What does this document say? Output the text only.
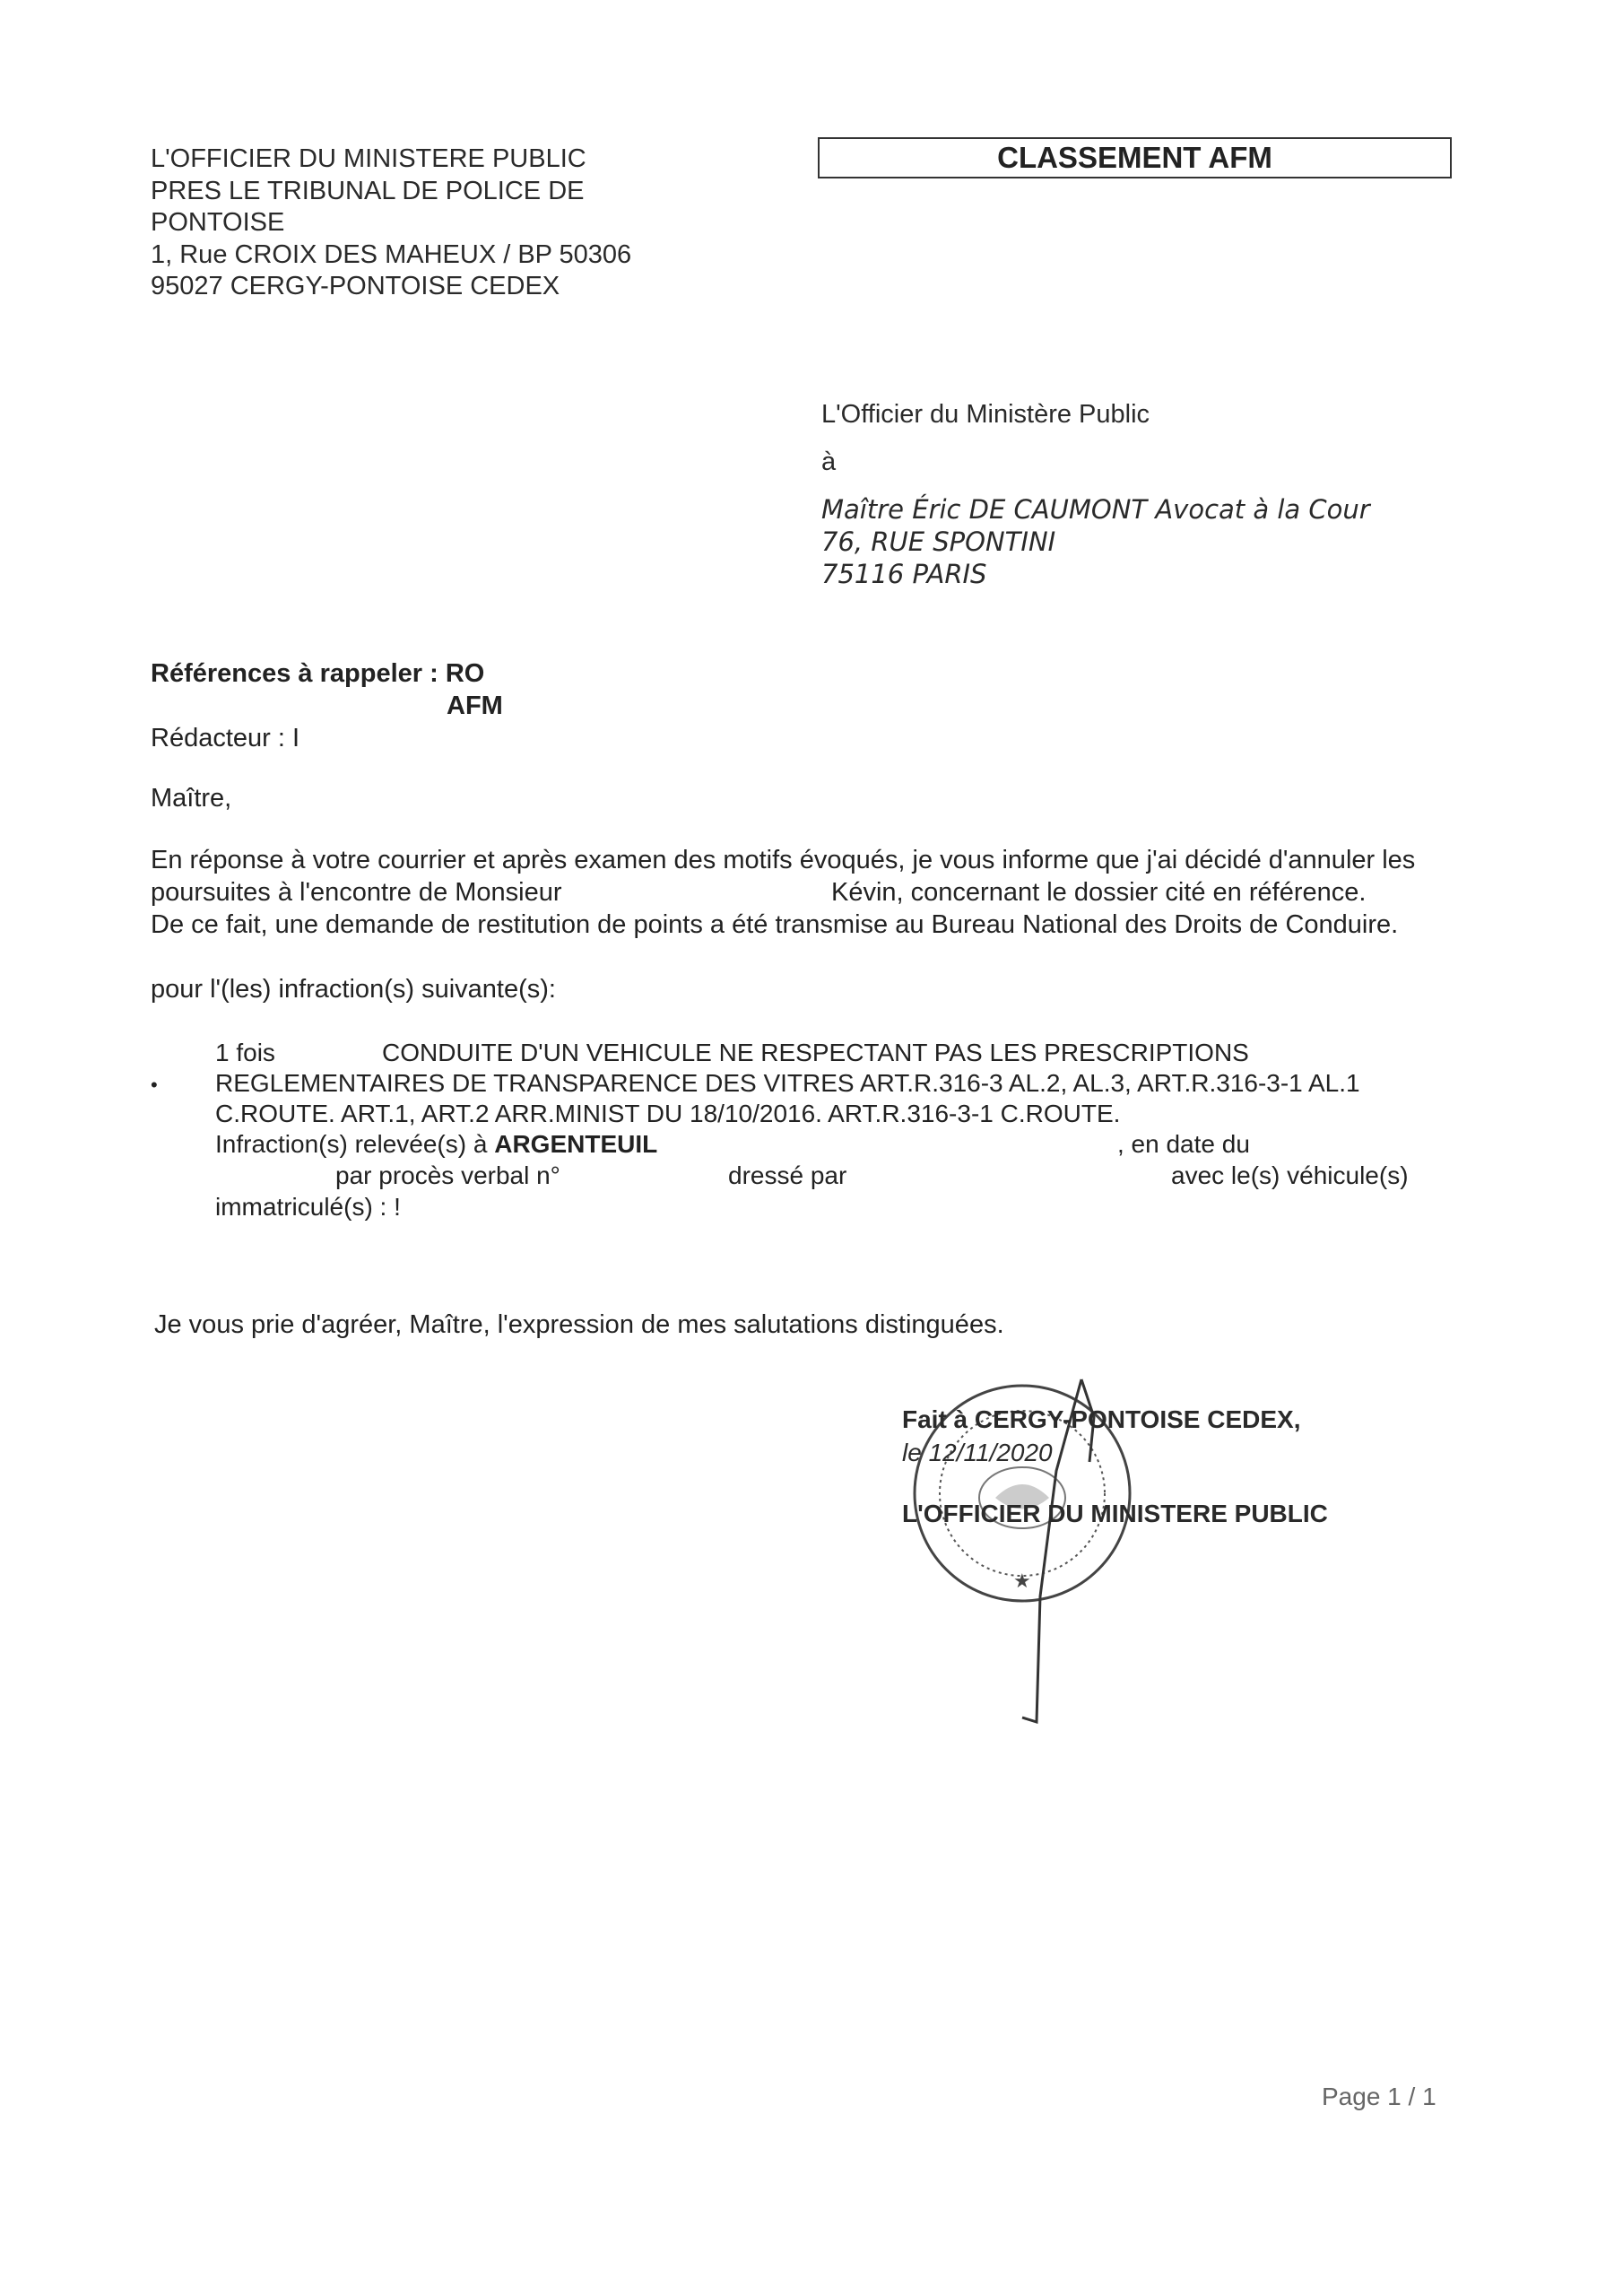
L'OFFICIER DU MINISTERE PUBLIC
PRES LE TRIBUNAL DE POLICE DE
PONTOISE
1, Rue CROIX DES MAHEUX / BP 50306
95027 CERGY-PONTOISE CEDEX
CLASSEMENT AFM
L'Officier du Ministère Public
à
Maître Éric DE CAUMONT Avocat à la Cour
76, RUE SPONTINI
75116 PARIS
Références à rappeler : RO
AFM
Rédacteur : I
Maître,
En réponse à votre courrier et après examen des motifs évoqués, je vous informe que j'ai décidé d'annuler les
poursuites à l'encontre de Monsieur	Kévin, concernant le dossier cité en référence.
De ce fait, une demande de restitution de points a été transmise au Bureau National des Droits de Conduire.
pour l'(les) infraction(s) suivante(s):
1 fois	CONDUITE D'UN VEHICULE NE RESPECTANT PAS LES PRESCRIPTIONS
• REGLEMENTAIRES DE TRANSPARENCE DES VITRES ART.R.316-3 AL.2, AL.3, ART.R.316-3-1 AL.1
C.ROUTE. ART.1, ART.2 ARR.MINIST DU 18/10/2016. ART.R.316-3-1 C.ROUTE.
Infraction(s) relevée(s) à ARGENTEUIL	, en date du
par procès verbal n°	dressé par	avec le(s) véhicule(s)
immatriculé(s) : !
Je vous prie d'agréer, Maître, l'expression de mes salutations distinguées.
★
Fait à CERGY-PONTOISE CEDEX,
le 12/11/2020
L'OFFICIER DU MINISTERE PUBLIC
Page 1 / 1
